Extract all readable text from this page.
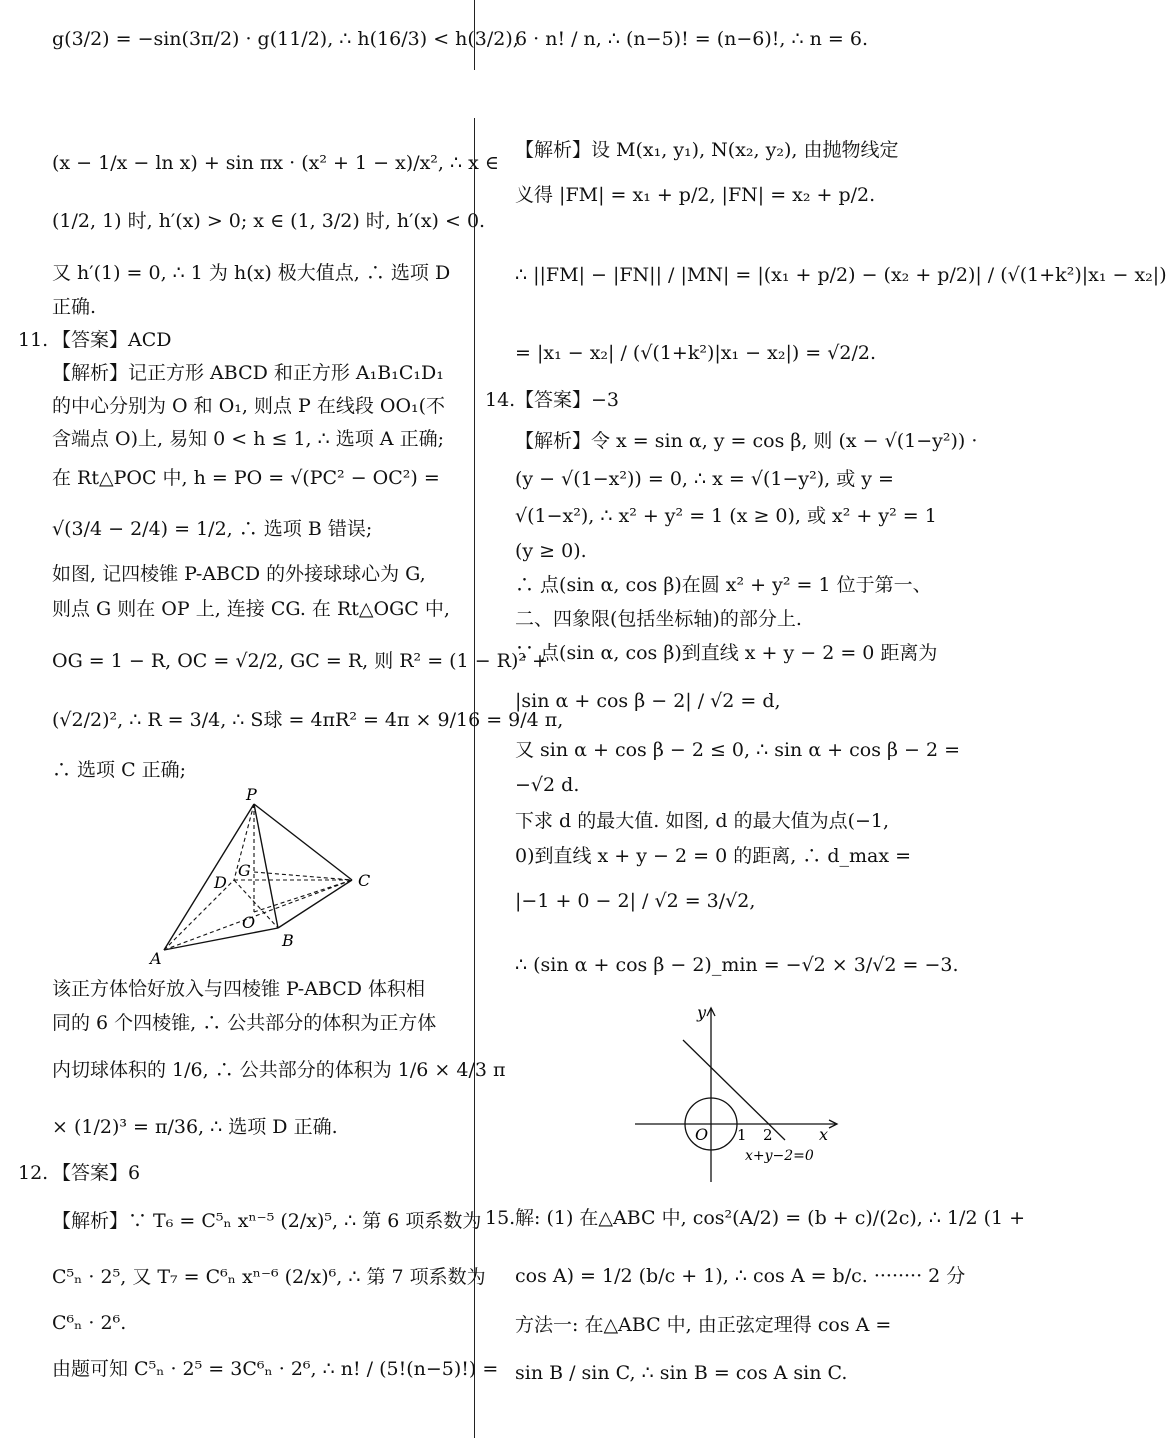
g(3/2) = −sin(3π/2) · g(11/2), ∴ h(16/3) < h(3/2),
6 · n! / n, ∴ (n−5)! = (n−6)!, ∴ n = 6.
(x − 1/x − ln x) + sin πx · (x² + 1 − x)/x², ∴ x ∈
(1/2, 1) 时, h′(x) > 0; x ∈ (1, 3/2) 时, h′(x) < 0.
又 h′(1) = 0, ∴ 1 为 h(x) 极大值点, ∴ 选项 D
正确.
11. 【答案】ACD
【解析】记正方形 ABCD 和正方形 A₁B₁C₁D₁
的中心分别为 O 和 O₁, 则点 P 在线段 OO₁(不
含端点 O)上, 易知 0 < h ≤ 1, ∴ 选项 A 正确;
在 Rt△POC 中, h = PO = √(PC² − OC²) =
√(3/4 − 2/4) = 1/2, ∴ 选项 B 错误;
如图, 记四棱锥 P-ABCD 的外接球球心为 G,
则点 G 则在 OP 上, 连接 CG. 在 Rt△OGC 中,
OG = 1 − R, OC = √2/2, GC = R, 则 R² = (1 − R)² +
(√2/2)², ∴ R = 3/4, ∴ S球 = 4πR² = 4π × 9/16 = 9/4 π,
∴ 选项 C 正确;
P
G
D	C
O
A
B
该正方体恰好放入与四棱锥 P-ABCD 体积相
同的 6 个四棱锥, ∴ 公共部分的体积为正方体
内切球体积的 1/6, ∴ 公共部分的体积为 1/6 × 4/3 π
× (1/2)³ = π/36, ∴ 选项 D 正确.
12. 【答案】6
【解析】∵ T₆ = C⁵ₙ xⁿ⁻⁵ (2/x)⁵, ∴ 第 6 项系数为
C⁵ₙ · 2⁵, 又 T₇ = C⁶ₙ xⁿ⁻⁶ (2/x)⁶, ∴ 第 7 项系数为
C⁶ₙ · 2⁶.
由题可知 C⁵ₙ · 2⁵ = 3C⁶ₙ · 2⁶, ∴ n! / (5!(n−5)!) =
【解析】设 M(x₁, y₁), N(x₂, y₂), 由抛物线定
义得 |FM| = x₁ + p/2, |FN| = x₂ + p/2.
∴ ||FM| − |FN|| / |MN| = |(x₁ + p/2) − (x₂ + p/2)| / (√(1+k²)|x₁ − x₂|)
= |x₁ − x₂| / (√(1+k²)|x₁ − x₂|) = √2/2.
14. 【答案】−3
【解析】令 x = sin α, y = cos β, 则 (x − √(1−y²)) ·
(y − √(1−x²)) = 0, ∴ x = √(1−y²), 或 y =
√(1−x²), ∴ x² + y² = 1 (x ≥ 0), 或 x² + y² = 1
(y ≥ 0).
∴ 点(sin α, cos β)在圆 x² + y² = 1 位于第一、
二、四象限(包括坐标轴)的部分上.
∵ 点(sin α, cos β)到直线 x + y − 2 = 0 距离为
|sin α + cos β − 2| / √2 = d,
又 sin α + cos β − 2 ≤ 0, ∴ sin α + cos β − 2 =
−√2 d.
下求 d 的最大值. 如图, d 的最大值为点(−1,
0)到直线 x + y − 2 = 0 的距离, ∴ d_max =
|−1 + 0 − 2| / √2 = 3/√2,
∴ (sin α + cos β − 2)_min = −√2 × 3/√2 = −3.
y
x
O 1 2
x+y−2=0
15. 解: (1) 在△ABC 中, cos²(A/2) = (b + c)/(2c), ∴ 1/2 (1 +
cos A) = 1/2 (b/c + 1), ∴ cos A = b/c. ········ 2 分
方法一: 在△ABC 中, 由正弦定理得 cos A =
sin B / sin C, ∴ sin B = cos A sin C.
